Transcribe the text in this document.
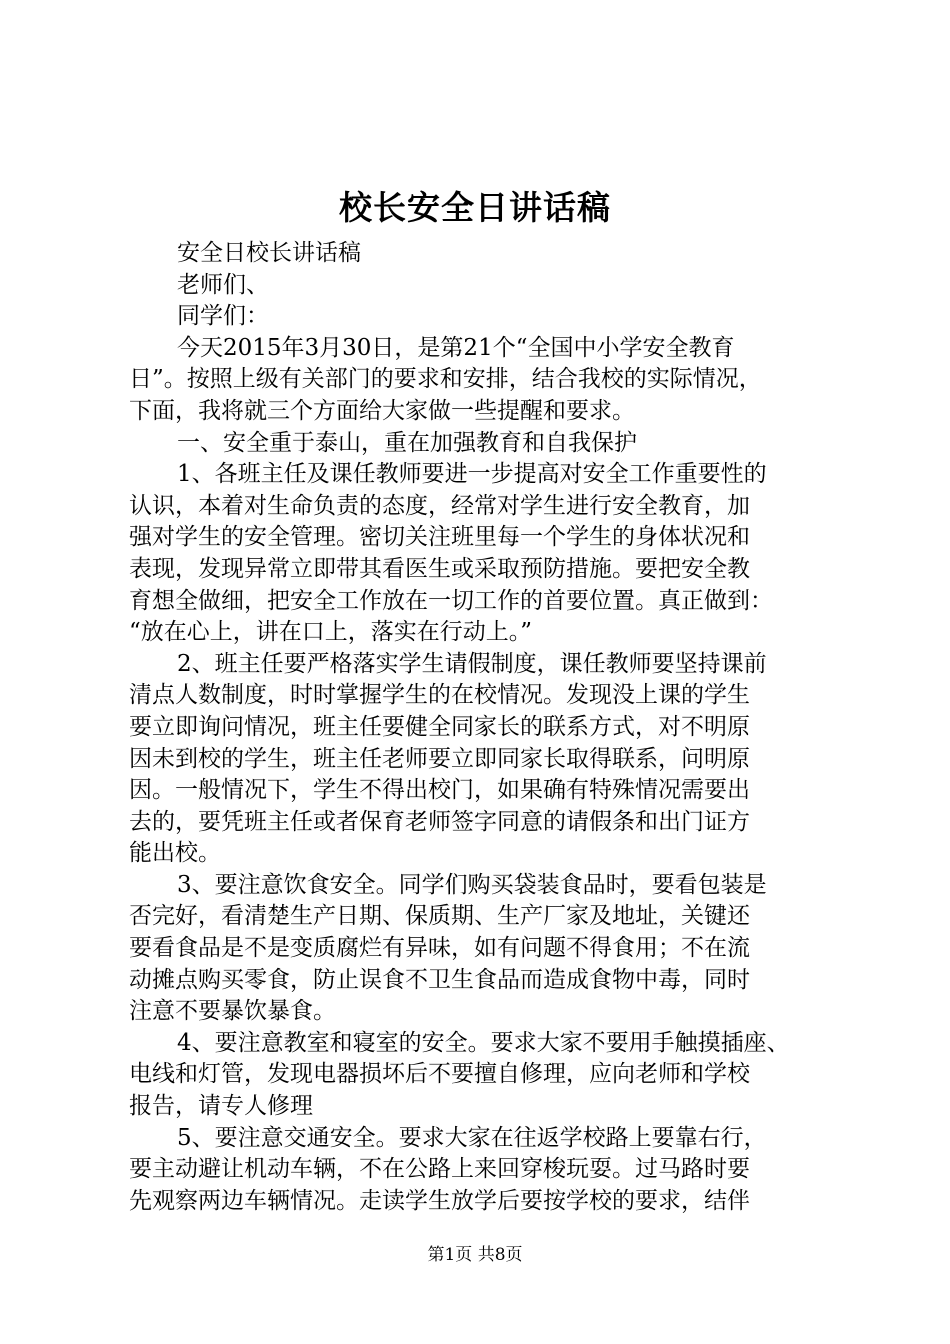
校长安全日讲话稿
安全日校长讲话稿
老师们、
同学们：
今天2015年3月30日，是第21个“全国中小学安全教育
日”。按照上级有关部门的要求和安排，结合我校的实际情况，
下面，我将就三个方面给大家做一些提醒和要求。
一、安全重于泰山，重在加强教育和自我保护
1、各班主任及课任教师要进一步提高对安全工作重要性的
认识，本着对生命负责的态度，经常对学生进行安全教育，加
强对学生的安全管理。密切关注班里每一个学生的身体状况和
表现，发现异常立即带其看医生或采取预防措施。要把安全教
育想全做细，把安全工作放在一切工作的首要位置。真正做到：
“放在心上，讲在口上，落实在行动上。”
2、班主任要严格落实学生请假制度，课任教师要坚持课前
清点人数制度，时时掌握学生的在校情况。发现没上课的学生
要立即询问情况，班主任要健全同家长的联系方式，对不明原
因未到校的学生，班主任老师要立即同家长取得联系，问明原
因。一般情况下，学生不得出校门，如果确有特殊情况需要出
去的，要凭班主任或者保育老师签字同意的请假条和出门证方
能出校。
3、要注意饮食安全。同学们购买袋装食品时，要看包装是
否完好，看清楚生产日期、保质期、生产厂家及地址，关键还
要看食品是不是变质腐烂有异味，如有问题不得食用；不在流
动摊点购买零食，防止误食不卫生食品而造成食物中毒，同时
注意不要暴饮暴食。
4、要注意教室和寝室的安全。要求大家不要用手触摸插座、
电线和灯管，发现电器损坏后不要擅自修理，应向老师和学校
报告，请专人修理
5、要注意交通安全。要求大家在往返学校路上要靠右行，
要主动避让机动车辆，不在公路上来回穿梭玩耍。过马路时要
先观察两边车辆情况。走读学生放学后要按学校的要求，结伴
第1页 共8页
